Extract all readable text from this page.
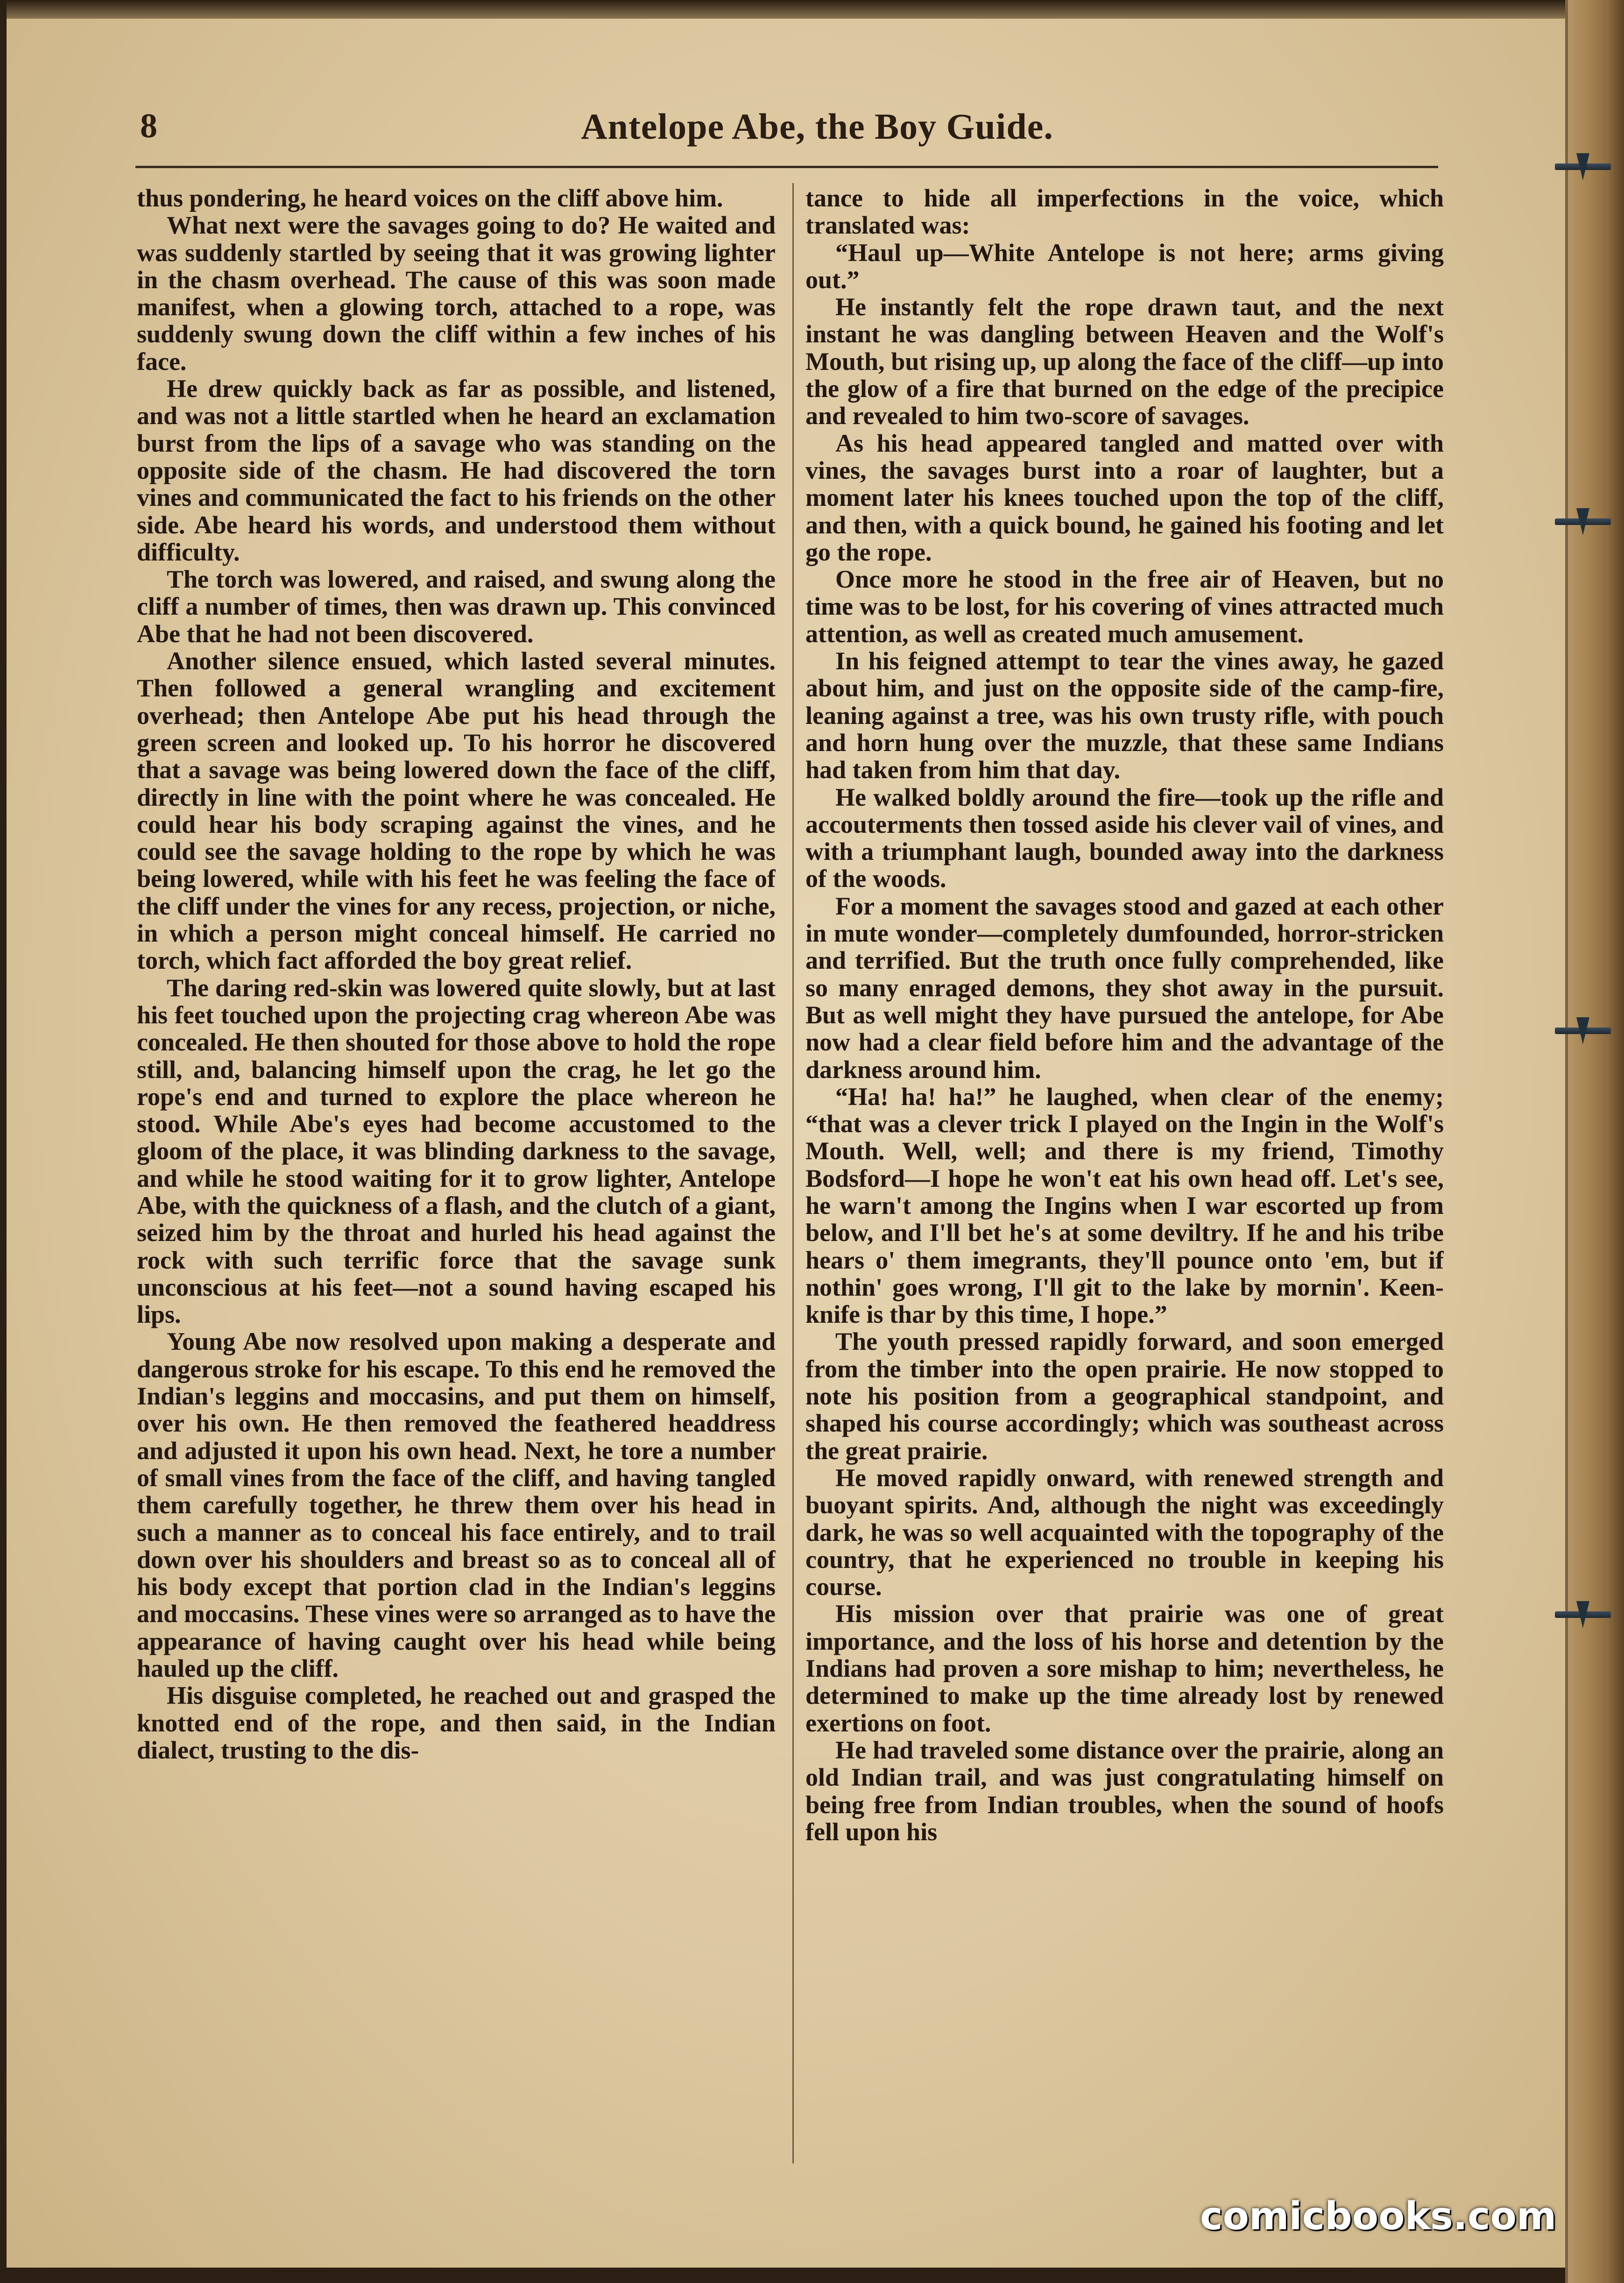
8	Antelope Abe, the Boy Guide.

thus pondering, he heard voices on the cliff above him.

What next were the savages going to do? He waited and was suddenly startled by seeing that it was growing lighter in the chasm overhead. The cause of this was soon made manifest, when a glowing torch, attached to a rope, was suddenly swung down the cliff within a few inches of his face.

He drew quickly back as far as possible, and listened, and was not a little startled when he heard an exclamation burst from the lips of a savage who was standing on the opposite side of the chasm. He had discovered the torn vines and communicated the fact to his friends on the other side. Abe heard his words, and understood them without difficulty.

The torch was lowered, and raised, and swung along the cliff a number of times, then was drawn up. This convinced Abe that he had not been discovered.

Another silence ensued, which lasted several minutes. Then followed a general wrangling and excitement overhead; then Antelope Abe put his head through the green screen and looked up. To his horror he discovered that a savage was being lowered down the face of the cliff, directly in line with the point where he was concealed. He could hear his body scraping against the vines, and he could see the savage holding to the rope by which he was being lowered, while with his feet he was feeling the face of the cliff under the vines for any recess, projection, or niche, in which a person might conceal himself. He carried no torch, which fact afforded the boy great relief.

The daring red-skin was lowered quite slowly, but at last his feet touched upon the projecting crag whereon Abe was concealed. He then shouted for those above to hold the rope still, and, balancing himself upon the crag, he let go the rope's end and turned to explore the place whereon he stood. While Abe's eyes had become accustomed to the gloom of the place, it was blinding darkness to the savage, and while he stood waiting for it to grow lighter, Antelope Abe, with the quickness of a flash, and the clutch of a giant, seized him by the throat and hurled his head against the rock with such terrific force that the savage sunk unconscious at his feet—not a sound having escaped his lips.

Young Abe now resolved upon making a desperate and dangerous stroke for his escape. To this end he removed the Indian's leggins and moccasins, and put them on himself, over his own. He then removed the feathered headdress and adjusted it upon his own head. Next, he tore a number of small vines from the face of the cliff, and having tangled them carefully together, he threw them over his head in such a manner as to conceal his face entirely, and to trail down over his shoulders and breast so as to conceal all of his body except that portion clad in the Indian's leggins and moccasins. These vines were so arranged as to have the appearance of having caught over his head while being hauled up the cliff.

His disguise completed, he reached out and grasped the knotted end of the rope, and then said, in the Indian dialect, trusting to the dis-

tance to hide all imperfections in the voice, which translated was:

“Haul up—White Antelope is not here; arms giving out.”

He instantly felt the rope drawn taut, and the next instant he was dangling between Heaven and the Wolf's Mouth, but rising up, up along the face of the cliff—up into the glow of a fire that burned on the edge of the precipice and revealed to him two-score of savages.

As his head appeared tangled and matted over with vines, the savages burst into a roar of laughter, but a moment later his knees touched upon the top of the cliff, and then, with a quick bound, he gained his footing and let go the rope.

Once more he stood in the free air of Heaven, but no time was to be lost, for his covering of vines attracted much attention, as well as created much amusement.

In his feigned attempt to tear the vines away, he gazed about him, and just on the opposite side of the camp-fire, leaning against a tree, was his own trusty rifle, with pouch and horn hung over the muzzle, that these same Indians had taken from him that day.

He walked boldly around the fire—took up the rifle and accouterments then tossed aside his clever vail of vines, and with a triumphant laugh, bounded away into the darkness of the woods.

For a moment the savages stood and gazed at each other in mute wonder—completely dumfounded, horror-stricken and terrified. But the truth once fully comprehended, like so many enraged demons, they shot away in the pursuit. But as well might they have pursued the antelope, for Abe now had a clear field before him and the advantage of the darkness around him.

“Ha! ha! ha!” he laughed, when clear of the enemy; “that was a clever trick I played on the Ingin in the Wolf's Mouth. Well, well; and there is my friend, Timothy Bodsford—I hope he won't eat his own head off. Let's see, he warn't among the Ingins when I war escorted up from below, and I'll bet he's at some deviltry. If he and his tribe hears o' them imegrants, they'll pounce onto 'em, but if nothin' goes wrong, I'll git to the lake by mornin'. Keen-knife is thar by this time, I hope.”

The youth pressed rapidly forward, and soon emerged from the timber into the open prairie. He now stopped to note his position from a geographical standpoint, and shaped his course accordingly; which was southeast across the great prairie.

He moved rapidly onward, with renewed strength and buoyant spirits. And, although the night was exceedingly dark, he was so well acquainted with the topography of the country, that he experienced no trouble in keeping his course.

His mission over that prairie was one of great importance, and the loss of his horse and detention by the Indians had proven a sore mishap to him; nevertheless, he determined to make up the time already lost by renewed exertions on foot.

He had traveled some distance over the prairie, along an old Indian trail, and was just congratulating himself on being free from Indian troubles, when the sound of hoofs fell upon his

comicbooks.com
